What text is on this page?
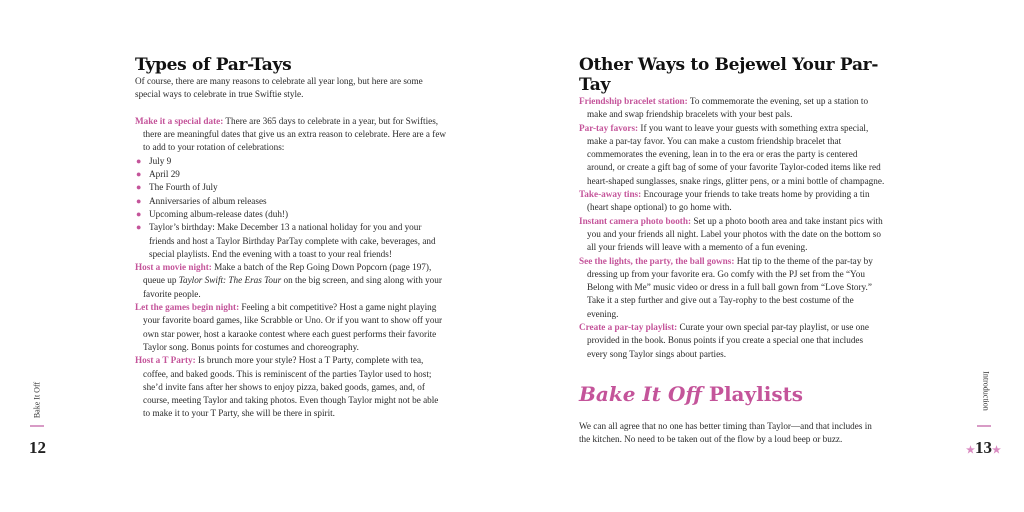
Types of Par-Tays

Of course, there are many reasons to celebrate all year long, but here are some special ways to celebrate in true Swiftie style.

Make it a special date: There are 365 days to celebrate in a year, but for Swifties, there are meaningful dates that give us an extra reason to celebrate. Here are a few to add to your rotation of celebrations:

● July 9
● April 29
● The Fourth of July
● Anniversaries of album releases
● Upcoming album-release dates (duh!)
● Taylor’s birthday: Make December 13 a national holiday for you and your friends and host a Taylor Birthday ParTay complete with cake, beverages, and special playlists. End the evening with a toast to your real friends!

Host a movie night: Make a batch of the Rep Going Down Popcorn (page 197), queue up Taylor Swift: The Eras Tour on the big screen, and sing along with your favorite people.

Let the games begin night: Feeling a bit competitive? Host a game night playing your favorite board games, like Scrabble or Uno. Or if you want to show off your own star power, host a karaoke contest where each guest performs their favorite Taylor song. Bonus points for costumes and choreography.

Host a T Party: Is brunch more your style? Host a T Party, complete with tea, coffee, and baked goods. This is reminiscent of the parties Taylor used to host; she’d invite fans after her shows to enjoy pizza, baked goods, games, and, of course, meeting Taylor and taking photos. Even though Taylor might not be able to make it to your T Party, she will be there in spirit.

Bake It Off
12
Other Ways to Bejewel Your Par-Tay

Friendship bracelet station: To commemorate the evening, set up a station to make and swap friendship bracelets with your best pals.

Par-tay favors: If you want to leave your guests with something extra special, make a par-tay favor. You can make a custom friendship bracelet that commemorates the evening, lean in to the era or eras the party is centered around, or create a gift bag of some of your favorite Taylor-coded items like red heart-shaped sunglasses, snake rings, glitter pens, or a mini bottle of champagne.

Take-away tins: Encourage your friends to take treats home by providing a tin (heart shape optional) to go home with.

Instant camera photo booth: Set up a photo booth area and take instant pics with you and your friends all night. Label your photos with the date on the bottom so all your friends will leave with a memento of a fun evening.

See the lights, the party, the ball gowns: Hat tip to the theme of the par-tay by dressing up from your favorite era. Go comfy with the PJ set from the “You Belong with Me” music video or dress in a full ball gown from “Love Story.” Take it a step further and give out a Tay-rophy to the best costume of the evening.

Create a par-tay playlist: Curate your own special par-tay playlist, or use one provided in the book. Bonus points if you create a special one that includes every song Taylor sings about parties.

Bake It Off Playlists

We can all agree that no one has better timing than Taylor—and that includes in the kitchen. No need to be taken out of the flow by a loud beep or buzz.

Introduction
★13★
